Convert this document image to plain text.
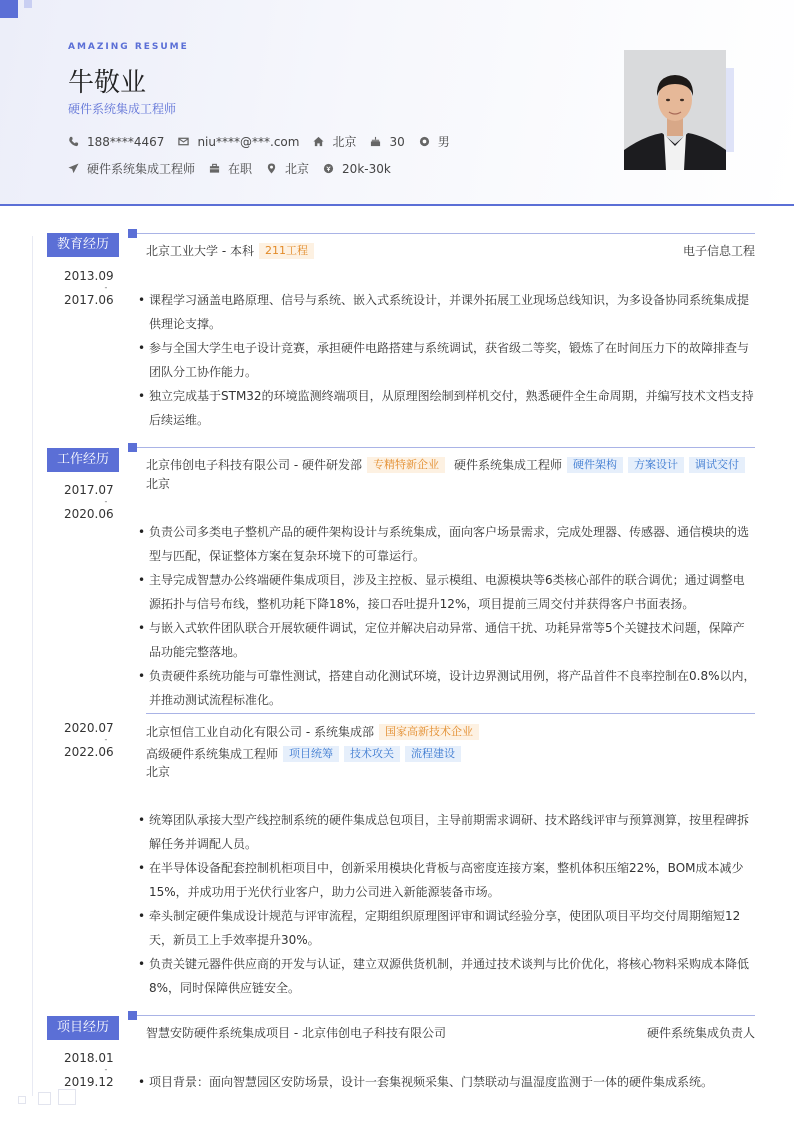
AMAZING RESUME
牛敬业
硬件系统集成工程师
188****4467	niu****@***.com	北京	30	男
硬件系统集成工程师	在职	北京	20k-30k
教育经历
2013.09
-
2017.06
北京工业大学 - 本科	211工程	电子信息工程
• 课程学习涵盖电路原理、信号与系统、嵌入式系统设计，并课外拓展工业现场总线知识，为多设备协同系统集成提供理论支撑。
• 参与全国大学生电子设计竞赛，承担硬件电路搭建与系统调试，获省级二等奖，锻炼了在时间压力下的故障排查与团队分工协作能力。
• 独立完成基于STM32的环境监测终端项目，从原理图绘制到样机交付，熟悉硬件全生命周期，并编写技术文档支持后续运维。
工作经历
2017.07
-
2020.06
北京伟创电子科技有限公司 - 硬件研发部	专精特新企业	硬件系统集成工程师	硬件架构	方案设计	调试交付
北京
• 负责公司多类电子整机产品的硬件架构设计与系统集成，面向客户场景需求，完成处理器、传感器、通信模块的选型与匹配，保证整体方案在复杂环境下的可靠运行。
• 主导完成智慧办公终端硬件集成项目，涉及主控板、显示模组、电源模块等6类核心部件的联合调优；通过调整电源拓扑与信号布线，整机功耗下降18%，接口吞吐提升12%，项目提前三周交付并获得客户书面表扬。
• 与嵌入式软件团队联合开展软硬件调试，定位并解决启动异常、通信干扰、功耗异常等5个关键技术问题，保障产品功能完整落地。
• 负责硬件系统功能与可靠性测试，搭建自动化测试环境，设计边界测试用例，将产品首件不良率控制在0.8%以内，并推动测试流程标准化。
2020.07
-
2022.06
北京恒信工业自动化有限公司 - 系统集成部	国家高新技术企业
高级硬件系统集成工程师	项目统筹	技术攻关	流程建设
北京
• 统筹团队承接大型产线控制系统的硬件集成总包项目，主导前期需求调研、技术路线评审与预算测算，按里程碑拆解任务并调配人员。
• 在半导体设备配套控制机柜项目中，创新采用模块化背板与高密度连接方案，整机体积压缩22%，BOM成本减少15%，并成功用于光伏行业客户，助力公司进入新能源装备市场。
• 牵头制定硬件集成设计规范与评审流程，定期组织原理图评审和调试经验分享，使团队项目平均交付周期缩短12天，新员工上手效率提升30%。
• 负责关键元器件供应商的开发与认证，建立双源供货机制，并通过技术谈判与比价优化，将核心物料采购成本降低8%，同时保障供应链安全。
项目经历
2018.01
-
2019.12
智慧安防硬件系统集成项目 - 北京伟创电子科技有限公司	硬件系统集成负责人
• 项目背景：面向智慧园区安防场景，设计一套集视频采集、门禁联动与温湿度监测于一体的硬件集成系统。
